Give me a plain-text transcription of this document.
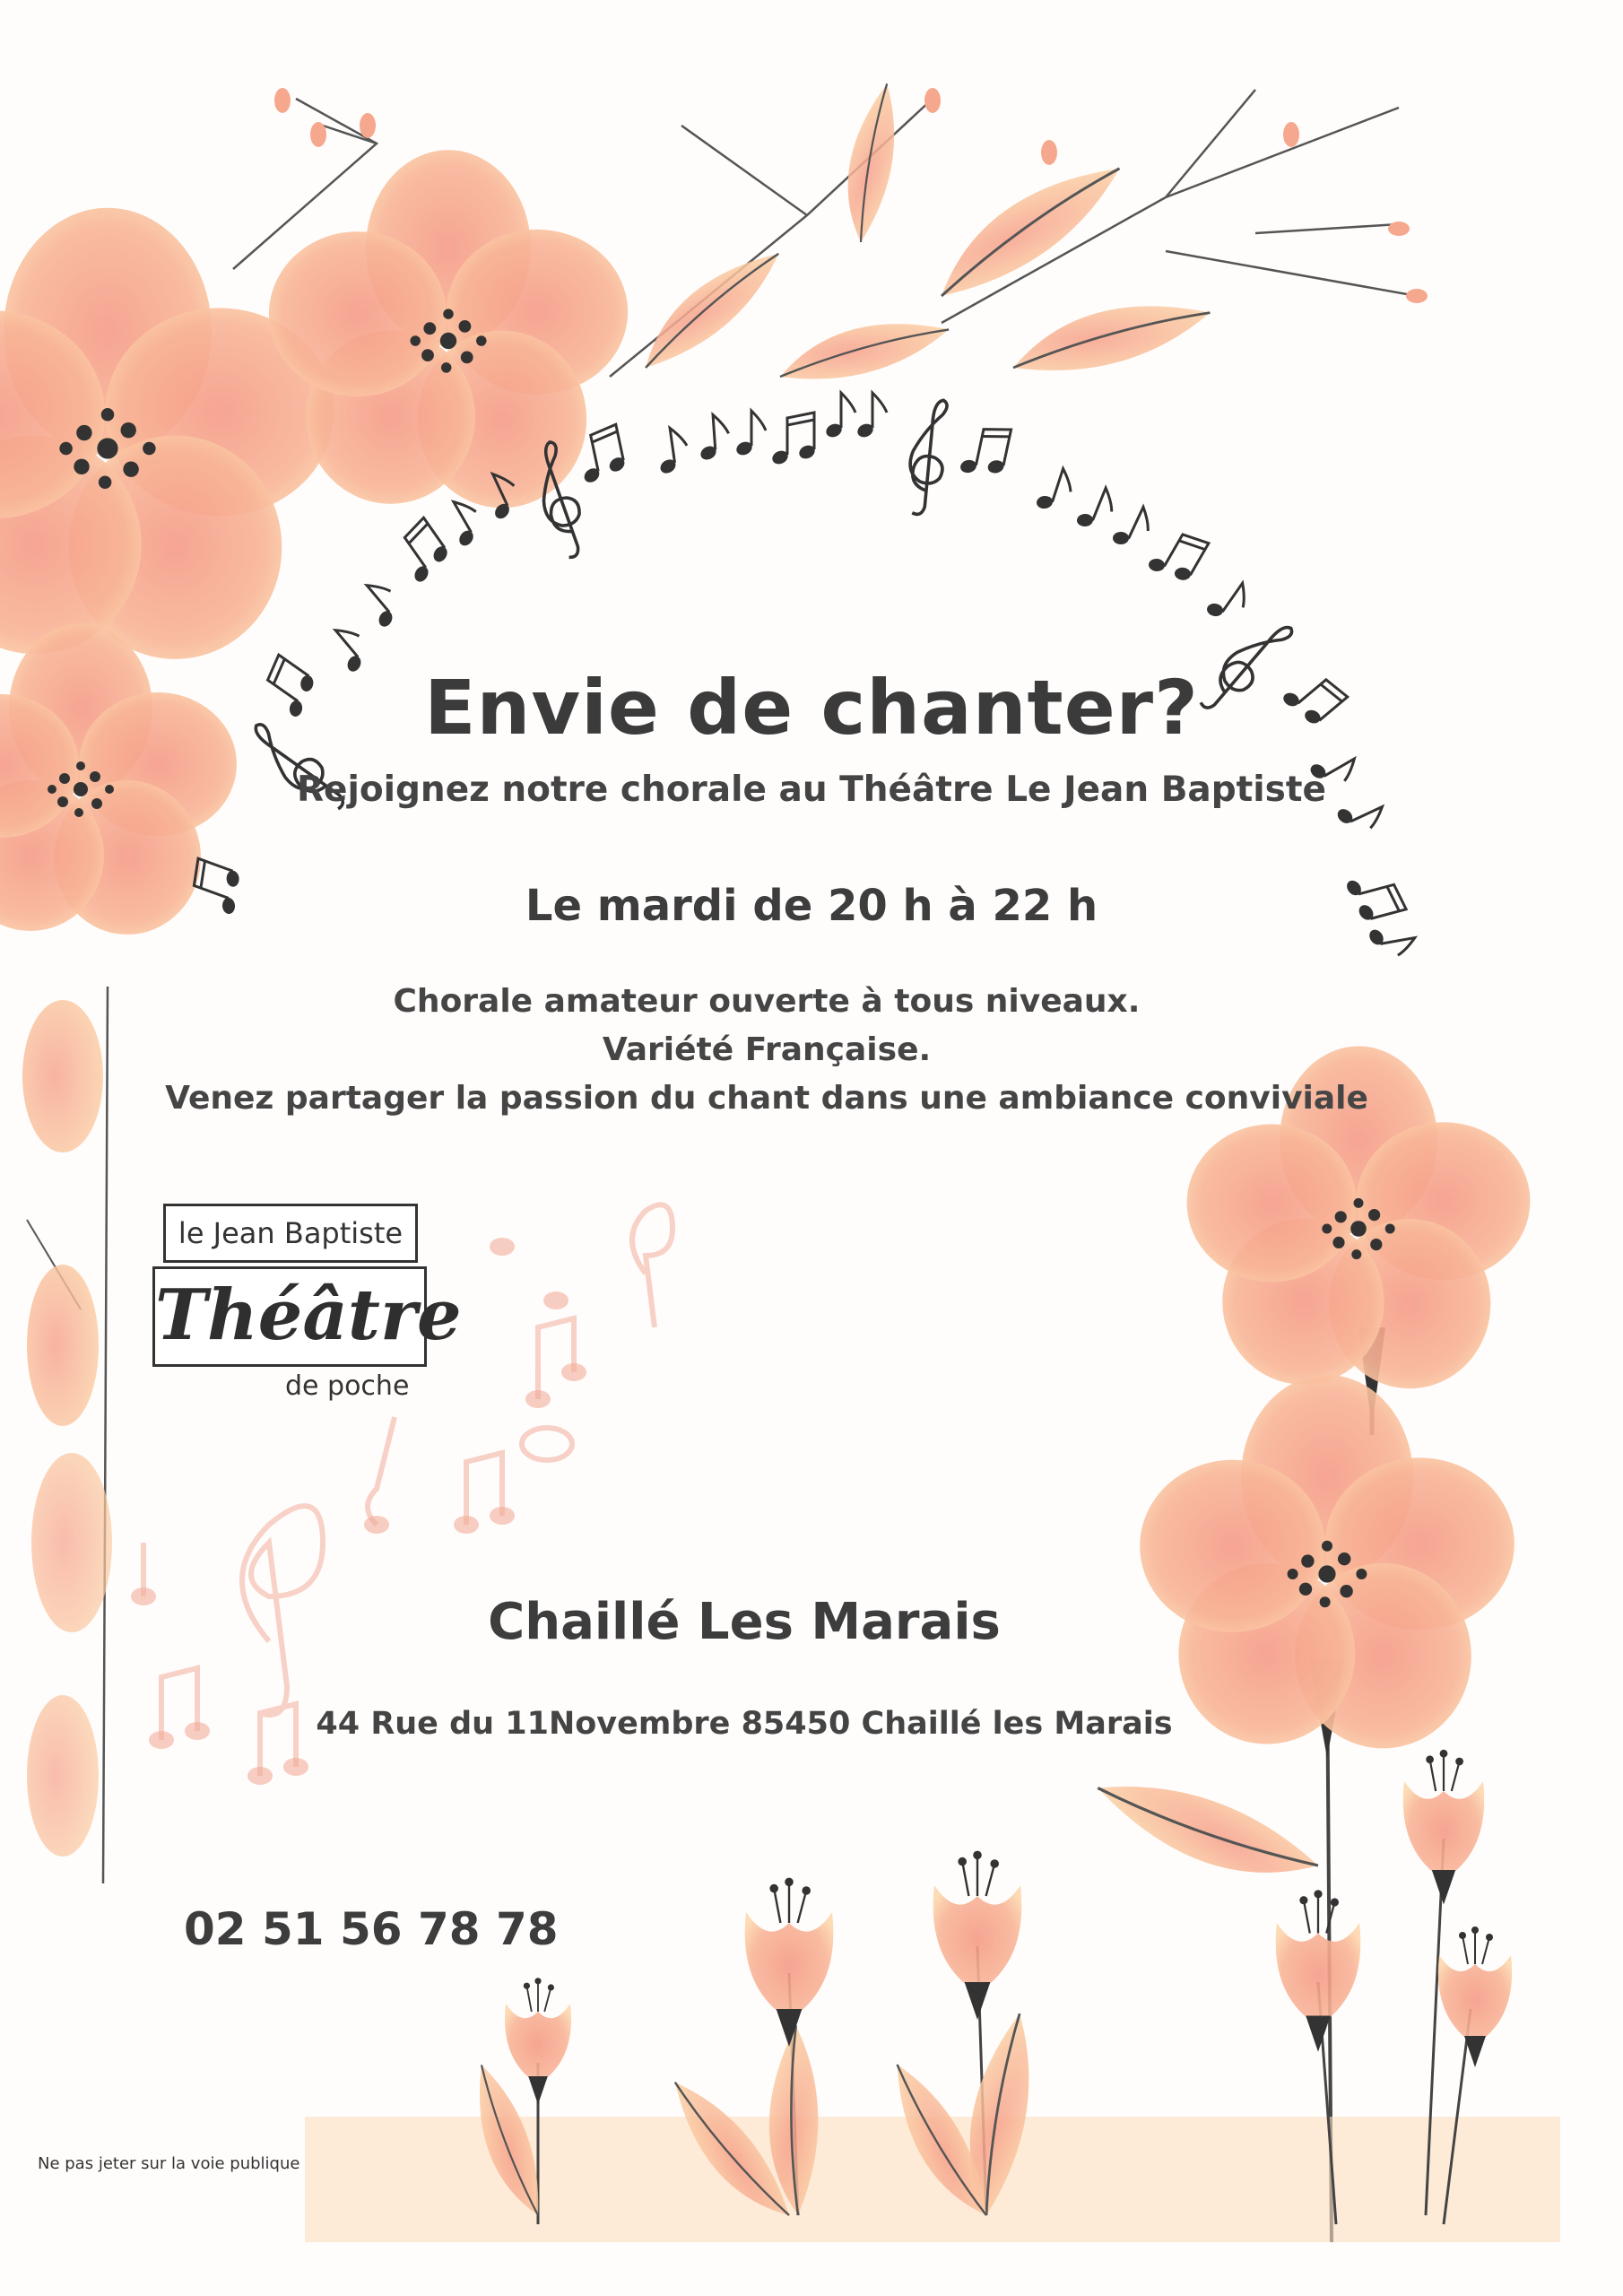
Envie de chanter?
Rejoignez notre chorale au Théâtre Le Jean Baptiste
Le mardi de 20 h à 22 h
Chorale amateur ouverte à tous niveaux.
Variété Française.
Venez partager la passion du chant dans une ambiance conviviale
le Jean Baptiste
Théâtre
de poche
Chaillé Les Marais
44 Rue du 11Novembre 85450 Chaillé les Marais
02 51 56 78 78
Ne pas jeter sur la voie publique
